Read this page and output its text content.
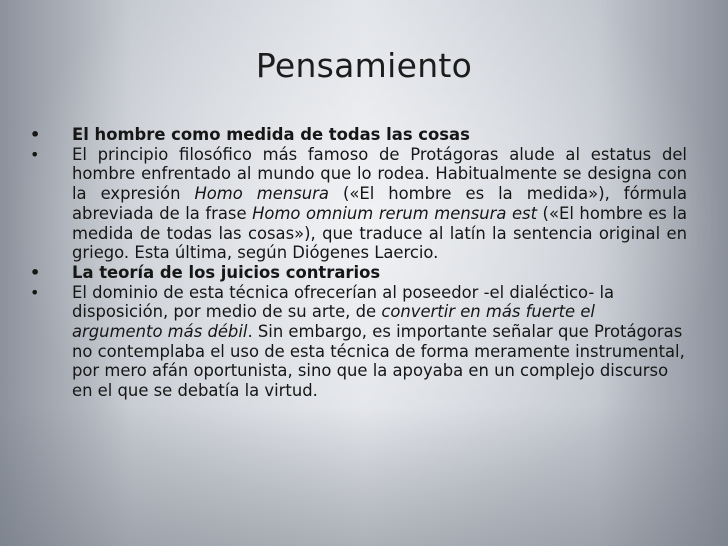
Pensamiento
•	El hombre como medida de todas las cosas
•	El principio filosófico más famoso de Protágoras alude al estatus del hombre enfrentado al mundo que lo rodea. Habitualmente se designa con la expresión Homo mensura («El hombre es la medida»), fórmula abreviada de la frase Homo omnium rerum mensura est («El hombre es la medida de todas las cosas»), que traduce al latín la sentencia original en griego. Esta última, según Diógenes Laercio.
•	La teoría de los juicios contrarios
•	El dominio de esta técnica ofrecerían al poseedor -el dialéctico- la disposición, por medio de su arte, de convertir en más fuerte el argumento más débil. Sin embargo, es importante señalar que Protágoras no contemplaba el uso de esta técnica de forma meramente instrumental, por mero afán oportunista, sino que la apoyaba en un complejo discurso en el que se debatía la virtud.
